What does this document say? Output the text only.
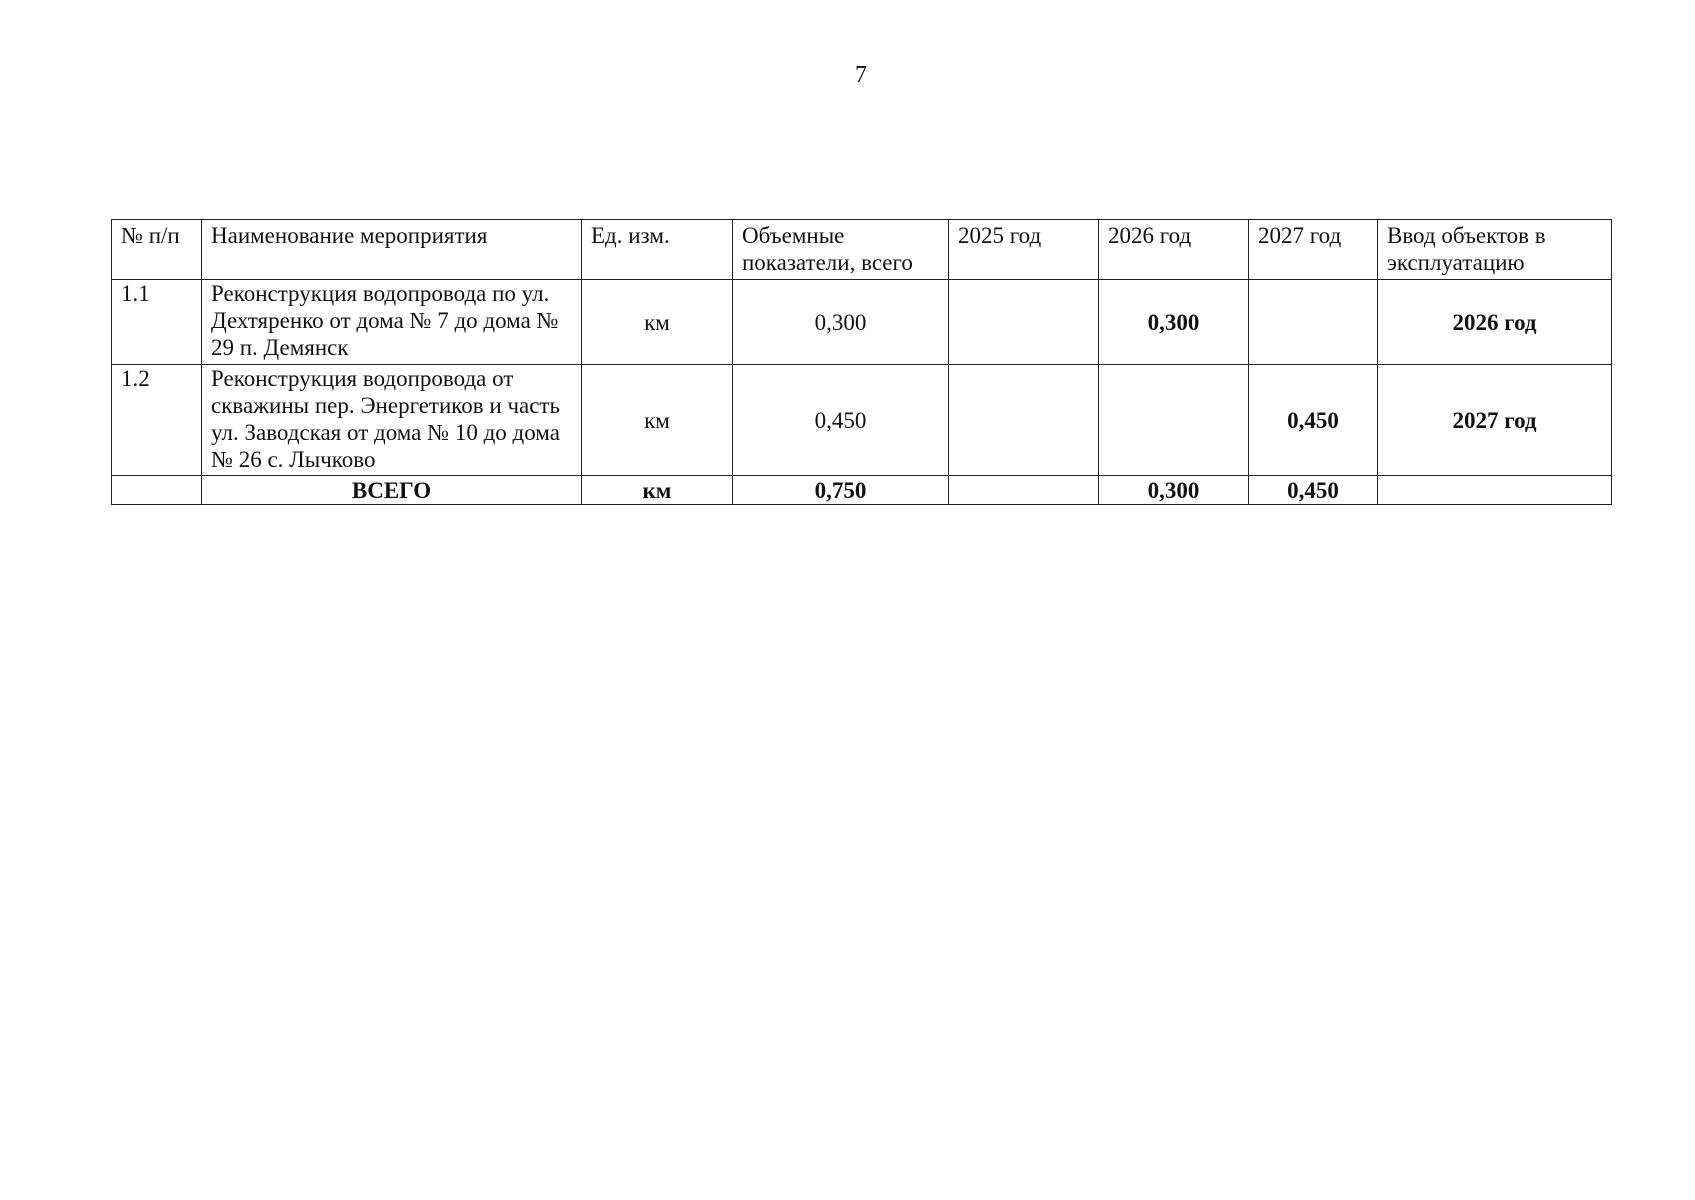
7
№ п/п	Наименование мероприятия	Ед. изм.	Объемные показатели, всего	2025 год	2026 год	2027 год	Ввод объектов в эксплуатацию
1.1	Реконструкция водопровода по ул. Дехтяренко от дома № 7 до дома № 29 п. Демянск	км	0,300		0,300		2026 год
1.2	Реконструкция водопровода от скважины пер. Энергетиков и часть ул. Заводская от дома № 10 до дома № 26 с. Лычково	км	0,450			0,450	2027 год
	ВСЕГО	км	0,750		0,300	0,450	
